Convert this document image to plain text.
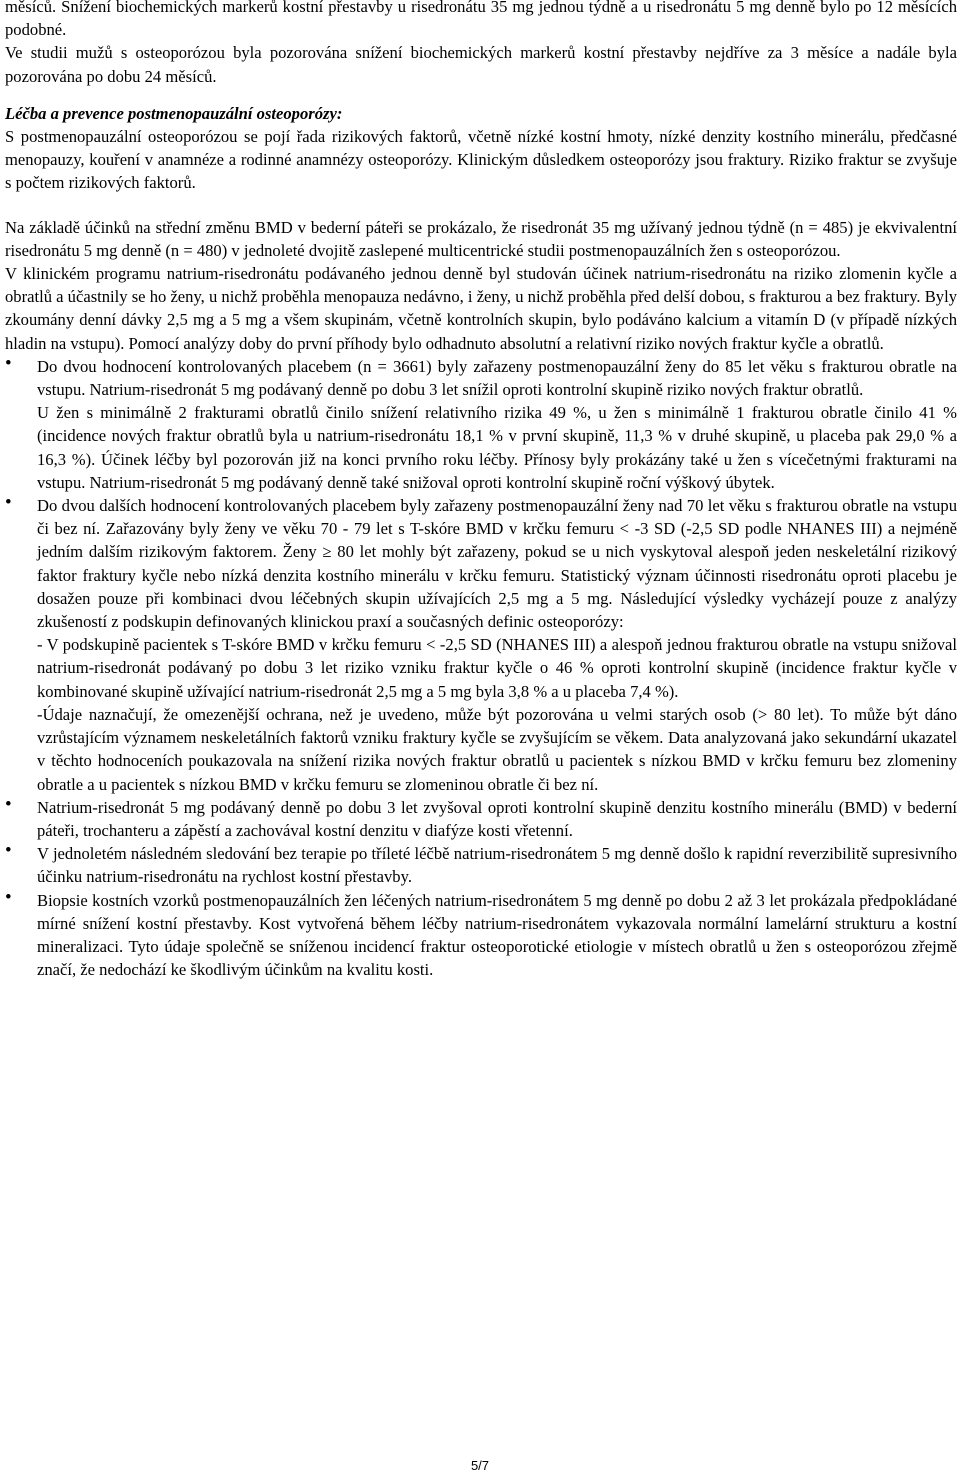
měsíců. Snížení biochemických markerů kostní přestavby u risedronátu 35 mg jednou týdně a u risedronátu 5 mg denně bylo po 12 měsících podobné.

Ve studii mužů s osteoporózou byla pozorována snížení biochemických markerů kostní přestavby nejdříve za 3 měsíce a nadále byla pozorována po dobu 24 měsíců.

Léčba a prevence postmenopauzální osteoporózy:

S postmenopauzální osteoporózou se pojí řada rizikových faktorů, včetně nízké kostní hmoty, nízké denzity kostního minerálu, předčasné menopauzy, kouření v anamnéze a rodinné anamnézy osteoporózy. Klinickým důsledkem osteoporózy jsou fraktury. Riziko fraktur se zvyšuje s počtem rizikových faktorů.

Na základě účinků na střední změnu BMD v bederní páteři se prokázalo, že risedronát 35 mg užívaný jednou týdně (n = 485) je ekvivalentní risedronátu 5 mg denně (n = 480) v jednoleté dvojitě zaslepené multicentrické studii postmenopauzálních žen s osteoporózou.

V klinickém programu natrium-risedronátu podávaného jednou denně byl studován účinek natrium-risedronátu na riziko zlomenin kyčle a obratlů a účastnily se ho ženy, u nichž proběhla menopauza nedávno, i ženy, u nichž proběhla před delší dobou, s frakturou a bez fraktury. Byly zkoumány denní dávky 2,5 mg a 5 mg a všem skupinám, včetně kontrolních skupin, bylo podáváno kalcium a vitamín D (v případě nízkých hladin na vstupu). Pomocí analýzy doby do první příhody bylo odhadnuto absolutní a relativní riziko nových fraktur kyčle a obratlů.

• Do dvou hodnocení kontrolovaných placebem (n = 3661) byly zařazeny postmenopauzální ženy do 85 let věku s frakturou obratle na vstupu. Natrium-risedronát 5 mg podávaný denně po dobu 3 let snížil oproti kontrolní skupině riziko nových fraktur obratlů.

U žen s minimálně 2 frakturami obratlů činilo snížení relativního rizika 49 %, u žen s minimálně 1 frakturou obratle činilo 41 % (incidence nových fraktur obratlů byla u natrium-risedronátu 18,1 % v první skupině, 11,3 % v druhé skupině, u placeba pak 29,0 % a 16,3 %). Účinek léčby byl pozorován již na konci prvního roku léčby. Přínosy byly prokázány také u žen s vícečetnými frakturami na vstupu. Natrium-risedronát 5 mg podávaný denně také snižoval oproti kontrolní skupině roční výškový úbytek.

• Do dvou dalších hodnocení kontrolovaných placebem byly zařazeny postmenopauzální ženy nad 70 let věku s frakturou obratle na vstupu či bez ní. Zařazovány byly ženy ve věku 70 - 79 let s T-skóre BMD v krčku femuru < -3 SD (-2,5 SD podle NHANES III) a nejméně jedním dalším rizikovým faktorem. Ženy ≥ 80 let mohly být zařazeny, pokud se u nich vyskytoval alespoň jeden neskeletální rizikový faktor fraktury kyčle nebo nízká denzita kostního minerálu v krčku femuru. Statistický význam účinnosti risedronátu oproti placebu je dosažen pouze při kombinaci dvou léčebných skupin užívajících 2,5 mg a 5 mg. Následující výsledky vycházejí pouze z analýzy zkušeností z podskupin definovaných klinickou praxí a současných definic osteoporózy:

- V podskupině pacientek s T-skóre BMD v krčku femuru < -2,5 SD (NHANES III) a alespoň jednou frakturou obratle na vstupu snižoval natrium-risedronát podávaný po dobu 3 let riziko vzniku fraktur kyčle o 46 % oproti kontrolní skupině (incidence fraktur kyčle v kombinované skupině užívající natrium-risedronát 2,5 mg a 5 mg byla 3,8 % a u placeba 7,4 %).

-Údaje naznačují, že omezenější ochrana, než je uvedeno, může být pozorována u velmi starých osob (> 80 let). To může být dáno vzrůstajícím významem neskeletálních faktorů vzniku fraktury kyčle se zvyšujícím se věkem. Data analyzovaná jako sekundární ukazatel v těchto hodnoceních poukazovala na snížení rizika nových fraktur obratlů u pacientek s nízkou BMD v krčku femuru bez zlomeniny obratle a u pacientek s nízkou BMD v krčku femuru se zlomeninou obratle či bez ní.

• Natrium-risedronát 5 mg podávaný denně po dobu 3 let zvyšoval oproti kontrolní skupině denzitu kostního minerálu (BMD) v bederní páteři, trochanteru a zápěstí a zachovával kostní denzitu v diafýze kosti vřetenní.

• V jednoletém následném sledování bez terapie po tříleté léčbě natrium-risedronátem 5 mg denně došlo k rapidní reverzibilitě supresivního účinku natrium-risedronátu na rychlost kostní přestavby.

• Biopsie kostních vzorků postmenopauzálních žen léčených natrium-risedronátem 5 mg denně po dobu 2 až 3 let prokázala předpokládané mírné snížení kostní přestavby. Kost vytvořená během léčby natrium-risedronátem vykazovala normální lamelární strukturu a kostní mineralizaci. Tyto údaje společně se sníženou incidencí fraktur osteoporotické etiologie v místech obratlů u žen s osteoporózou zřejmě značí, že nedochází ke škodlivým účinkům na kvalitu kosti.

5/7
